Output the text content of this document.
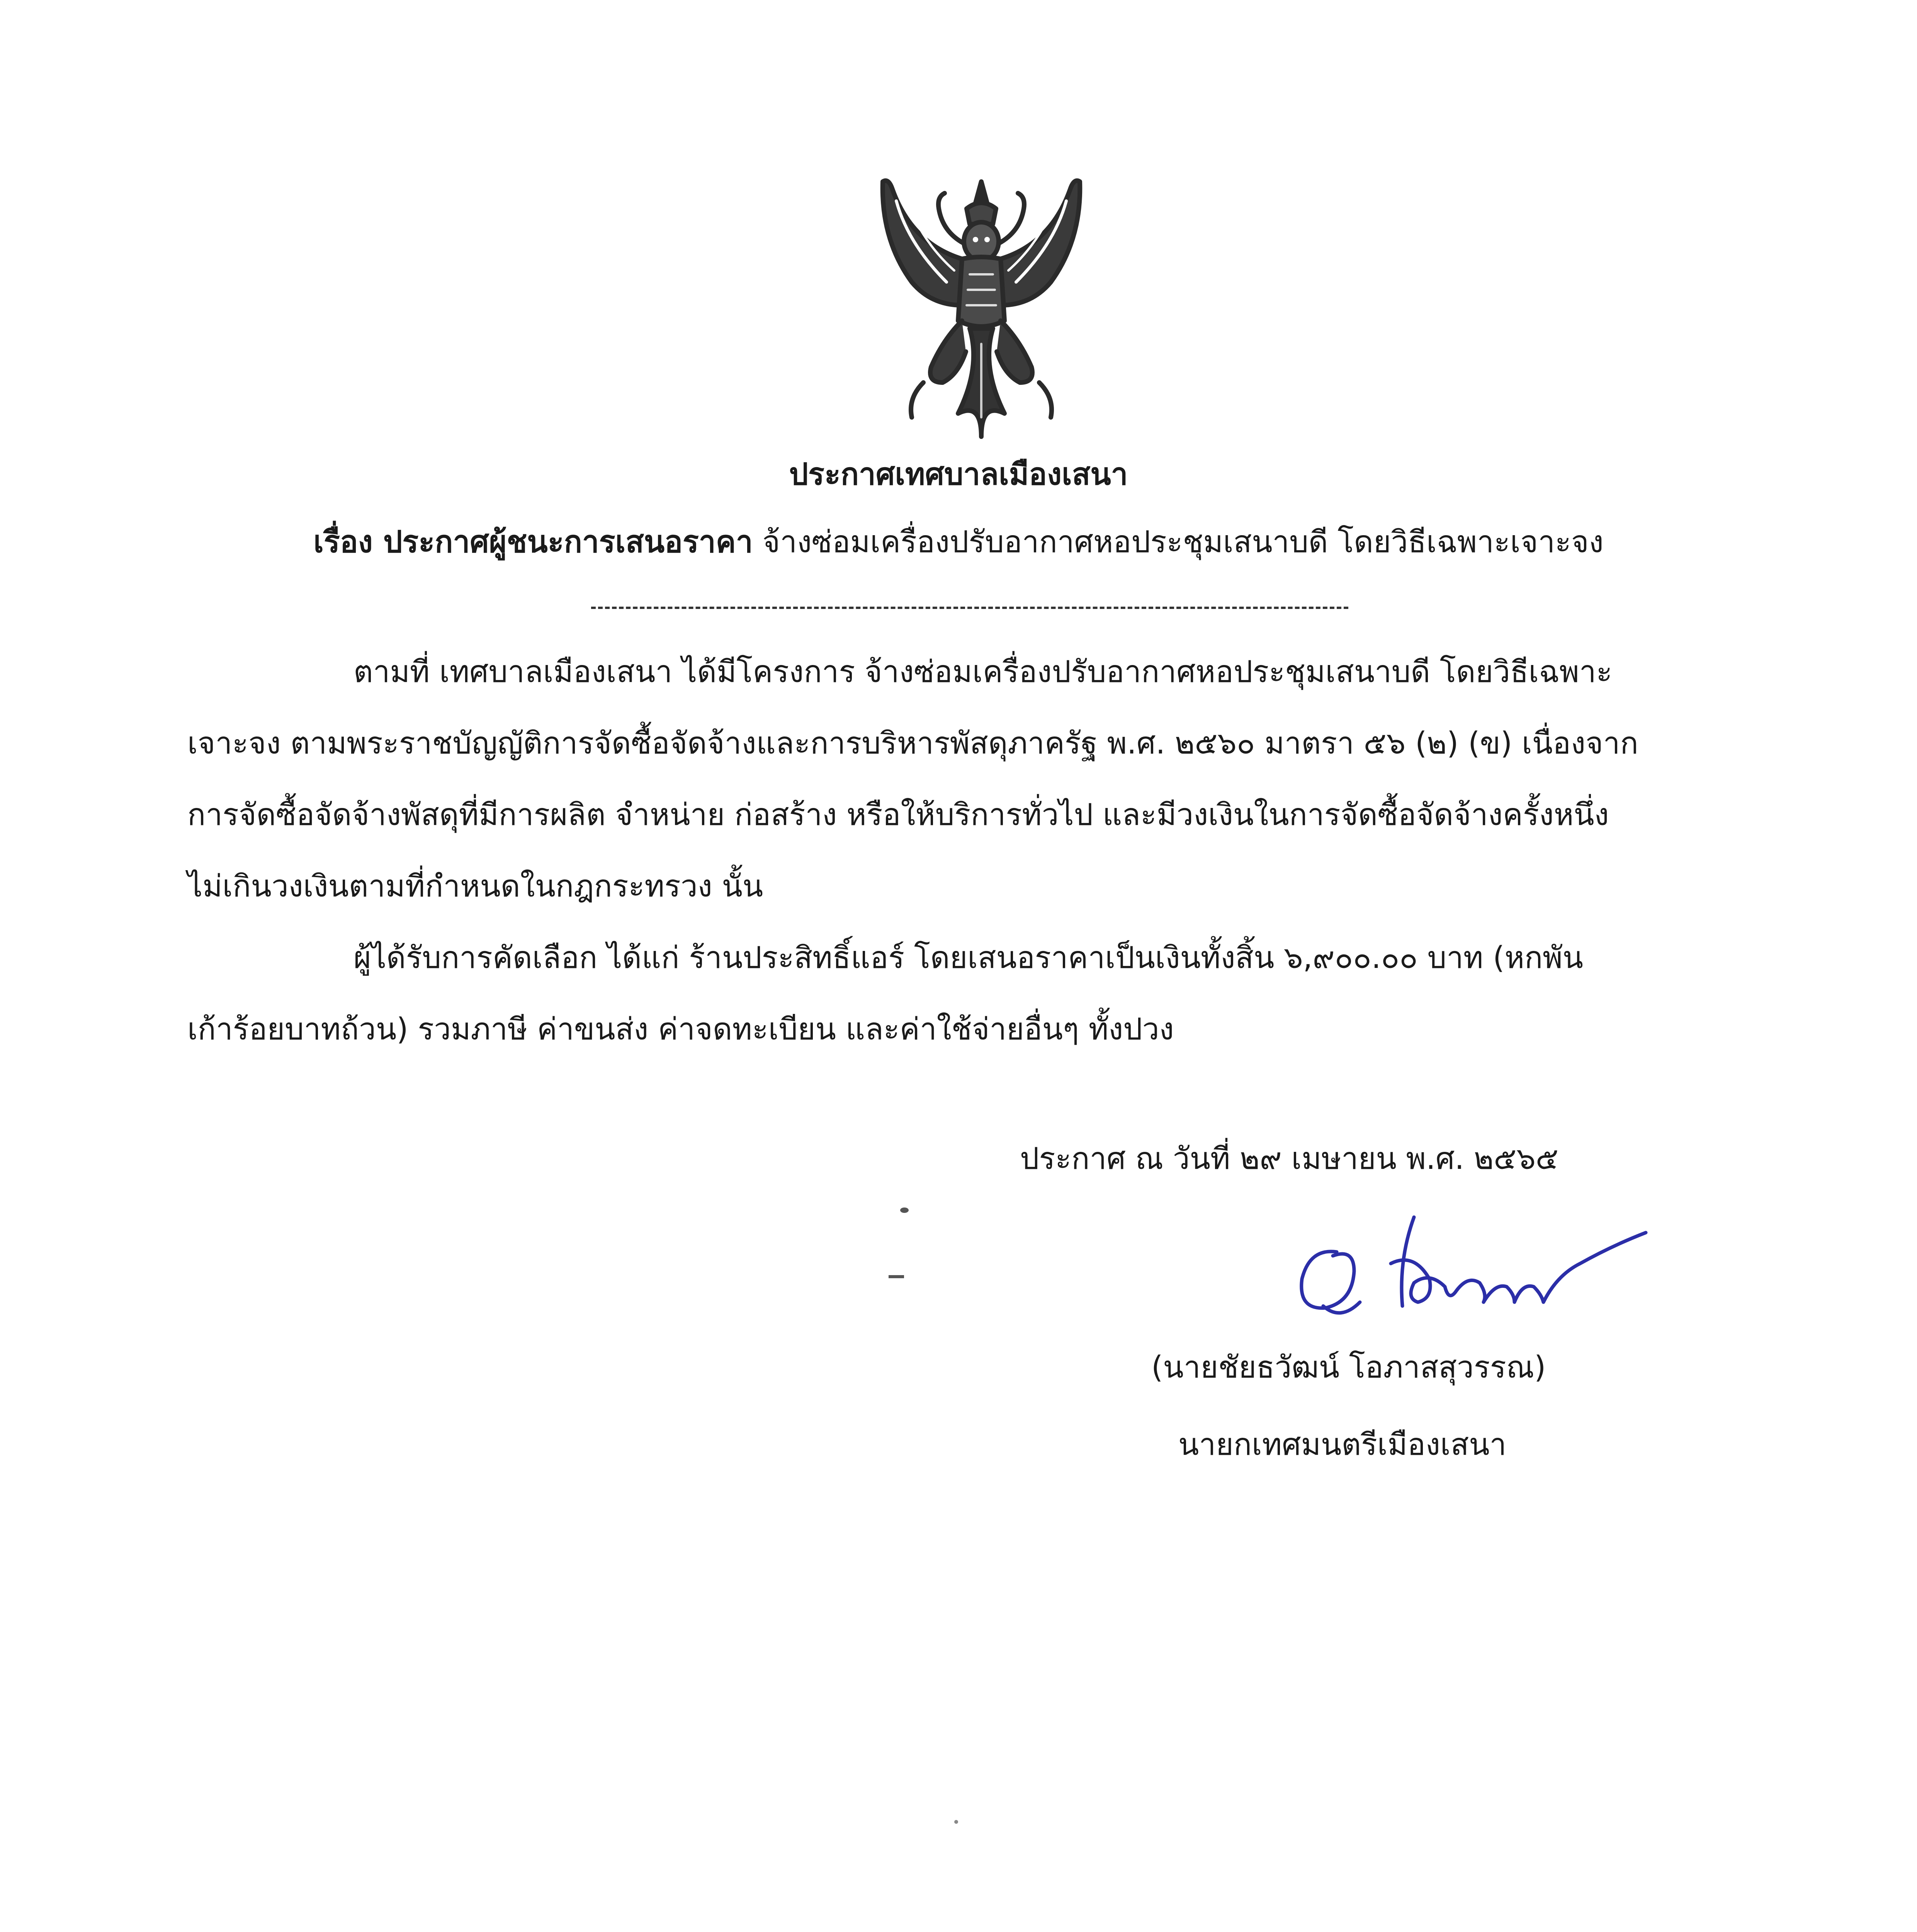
ประกาศเทศบาลเมืองเสนา
เรื่อง ประกาศผู้ชนะการเสนอราคา จ้างซ่อมเครื่องปรับอากาศหอประชุมเสนาบดี โดยวิธีเฉพาะเจาะจง
ตามที่ เทศบาลเมืองเสนา ได้มีโครงการ จ้างซ่อมเครื่องปรับอากาศหอประชุมเสนาบดี โดยวิธีเฉพาะ
เจาะจง ตามพระราชบัญญัติการจัดซื้อจัดจ้างและการบริหารพัสดุภาครัฐ พ.ศ. ๒๕๖๐ มาตรา ๕๖ (๒) (ข) เนื่องจาก
การจัดซื้อจัดจ้างพัสดุที่มีการผลิต จำหน่าย ก่อสร้าง หรือให้บริการทั่วไป และมีวงเงินในการจัดซื้อจัดจ้างครั้งหนึ่ง
ไม่เกินวงเงินตามที่กำหนดในกฎกระทรวง นั้น
ผู้ได้รับการคัดเลือก ได้แก่ ร้านประสิทธิ์แอร์ โดยเสนอราคาเป็นเงินทั้งสิ้น ๖,๙๐๐.๐๐ บาท (หกพัน
เก้าร้อยบาทถ้วน) รวมภาษี ค่าขนส่ง ค่าจดทะเบียน และค่าใช้จ่ายอื่นๆ ทั้งปวง
ประกาศ ณ วันที่ ๒๙ เมษายน พ.ศ. ๒๕๖๕
(นายชัยธวัฒน์ โอภาสสุวรรณ)
นายกเทศมนตรีเมืองเสนา
